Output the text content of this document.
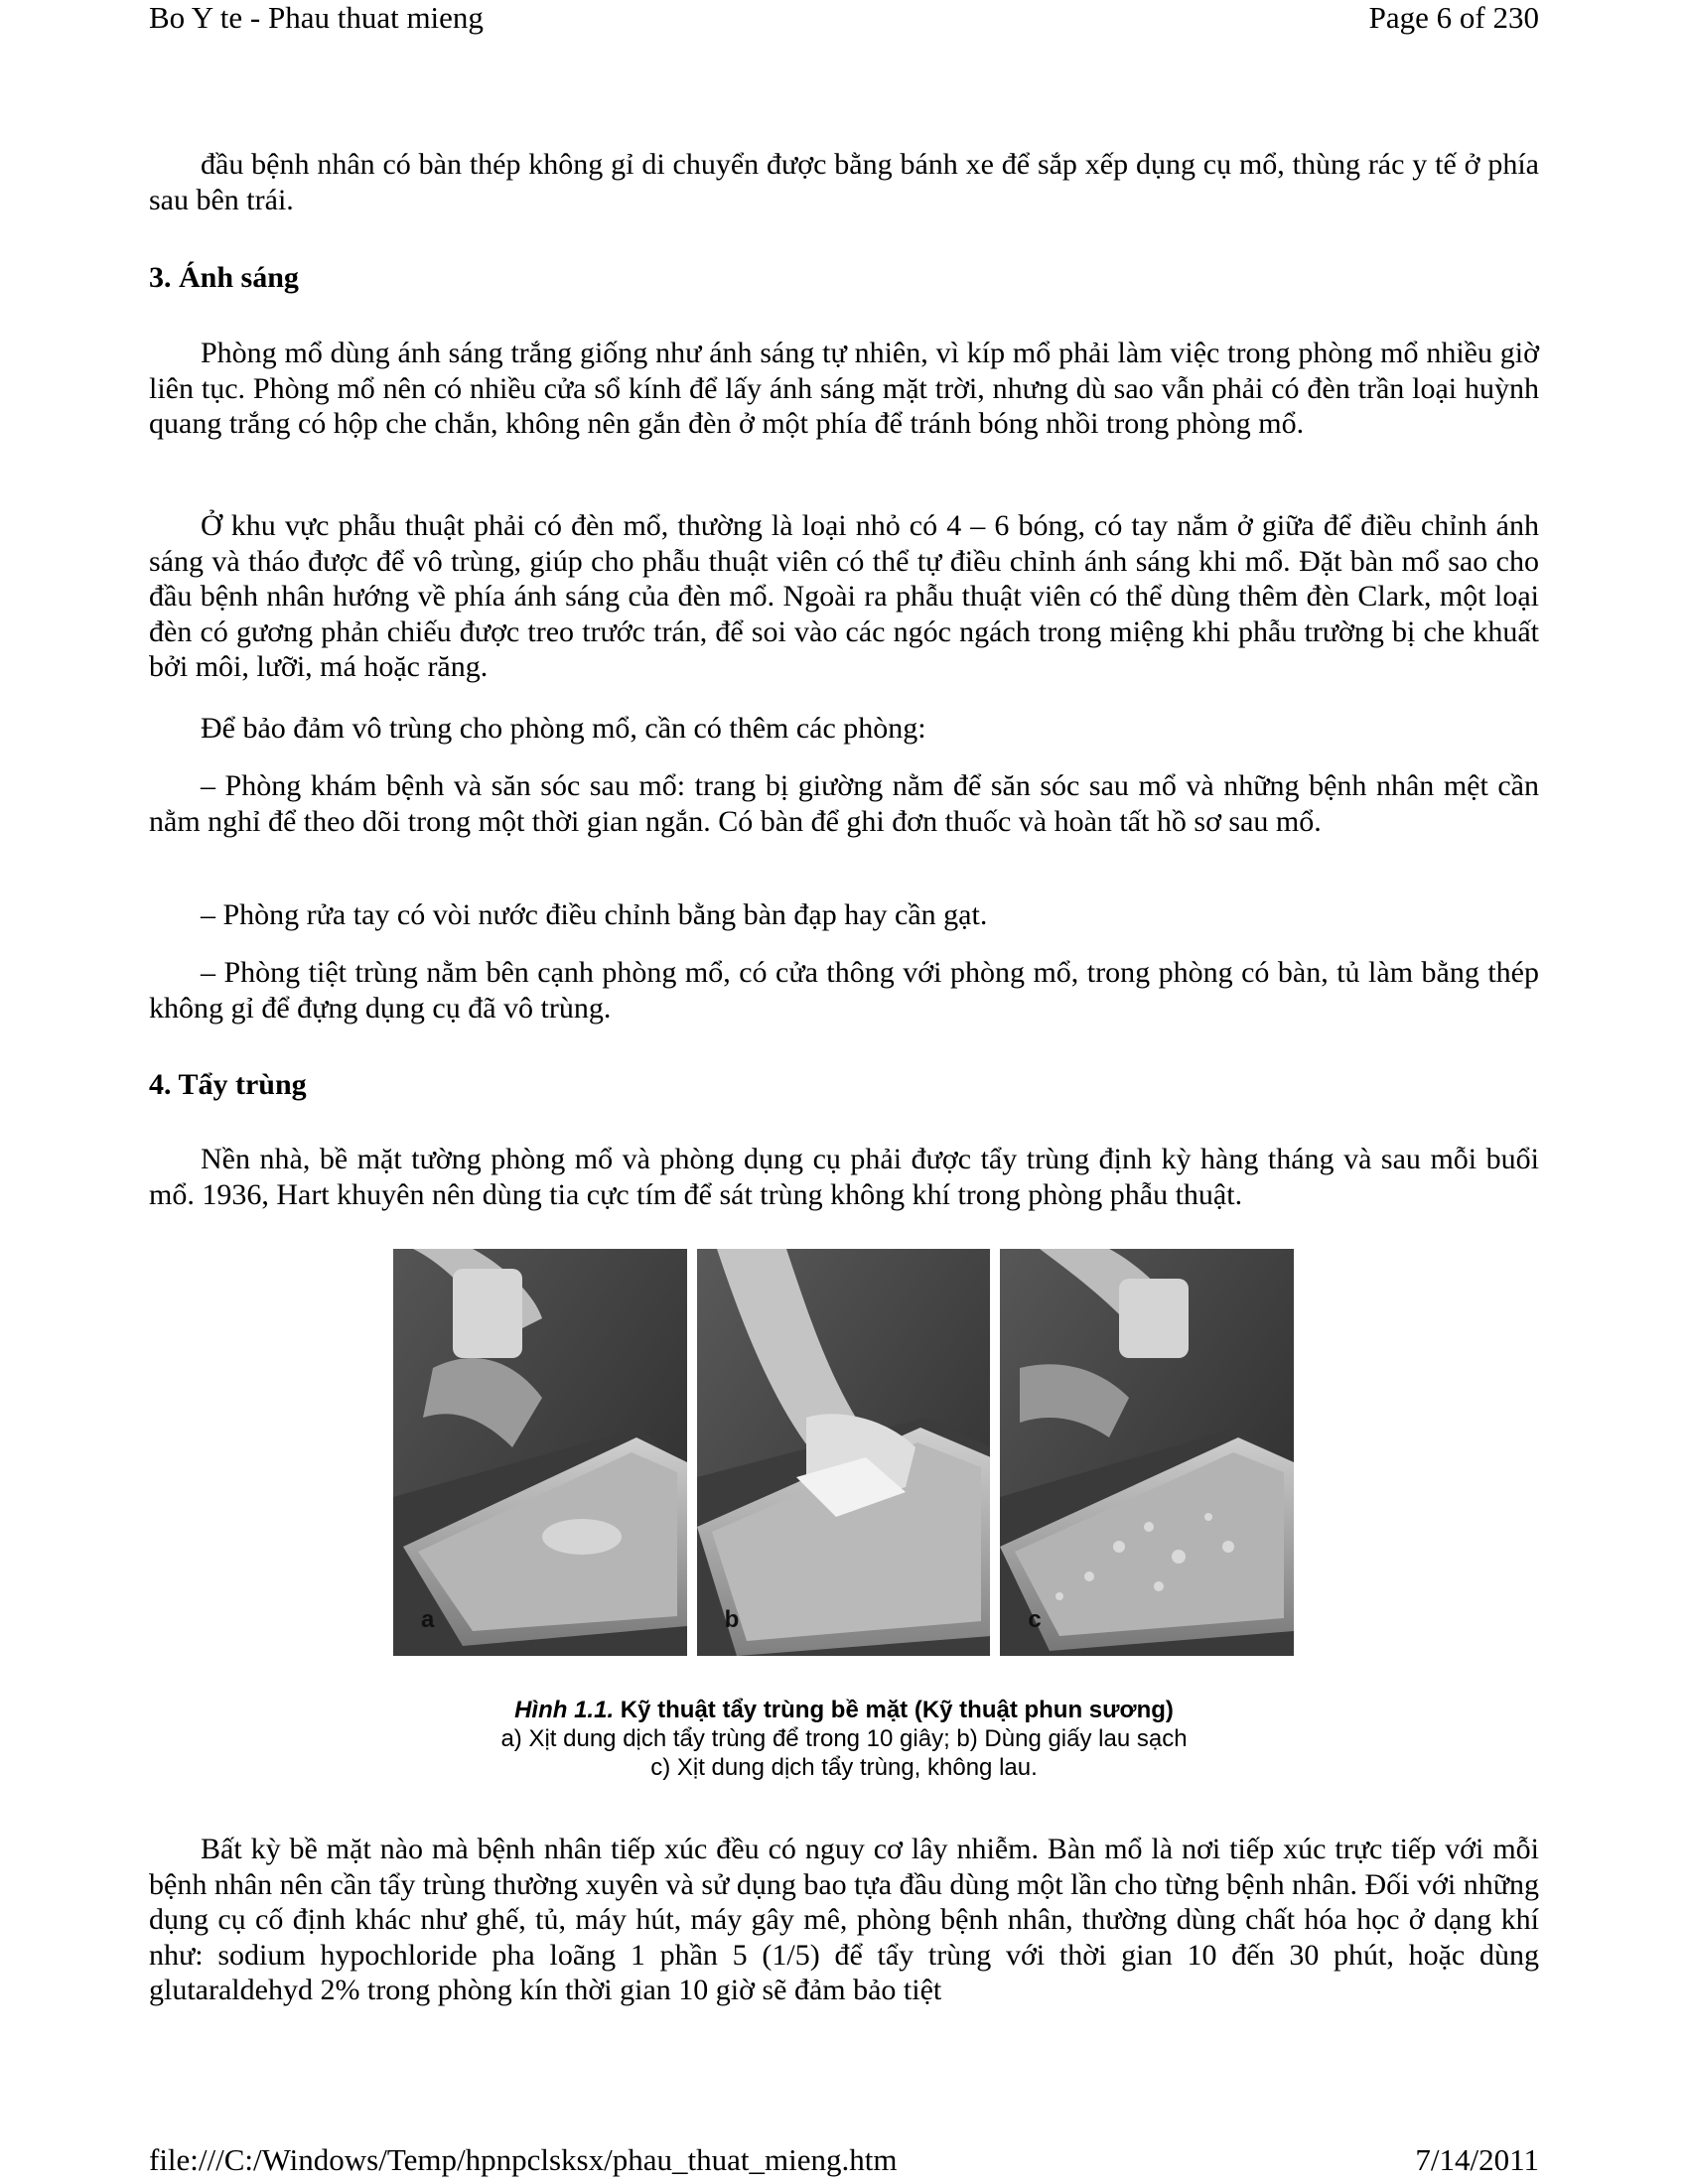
Bo Y te - Phau thuat mieng	Page 6 of 230

đầu bệnh nhân có bàn thép không gỉ di chuyển được bằng bánh xe để sắp xếp dụng cụ mổ, thùng rác y tế ở phía sau bên trái.

3. Ánh sáng

Phòng mổ dùng ánh sáng trắng giống như ánh sáng tự nhiên, vì kíp mổ phải làm việc trong phòng mổ nhiều giờ liên tục. Phòng mổ nên có nhiều cửa sổ kính để lấy ánh sáng mặt trời, nhưng dù sao vẫn phải có đèn trần loại huỳnh quang trắng có hộp che chắn, không nên gắn đèn ở một phía để tránh bóng nhồi trong phòng mổ.

Ở khu vực phẫu thuật phải có đèn mổ, thường là loại nhỏ có 4 – 6 bóng, có tay nắm ở giữa để điều chỉnh ánh sáng và tháo được để vô trùng, giúp cho phẫu thuật viên có thể tự điều chỉnh ánh sáng khi mổ. Đặt bàn mổ sao cho đầu bệnh nhân hướng về phía ánh sáng của đèn mổ. Ngoài ra phẫu thuật viên có thể dùng thêm đèn Clark, một loại đèn có gương phản chiếu được treo trước trán, để soi vào các ngóc ngách trong miệng khi phẫu trường bị che khuất bởi môi, lưỡi, má hoặc răng.

Để bảo đảm vô trùng cho phòng mổ, cần có thêm các phòng:

– Phòng khám bệnh và săn sóc sau mổ: trang bị giường nằm để săn sóc sau mổ và những bệnh nhân mệt cần nằm nghỉ để theo dõi trong một thời gian ngắn. Có bàn để ghi đơn thuốc và hoàn tất hồ sơ sau mổ.

– Phòng rửa tay có vòi nước điều chỉnh bằng bàn đạp hay cần gạt.

– Phòng tiệt trùng nằm bên cạnh phòng mổ, có cửa thông với phòng mổ, trong phòng có bàn, tủ làm bằng thép không gỉ để đựng dụng cụ đã vô trùng.

4. Tẩy trùng

Nền nhà, bề mặt tường phòng mổ và phòng dụng cụ phải được tẩy trùng định kỳ hàng tháng và sau mỗi buổi mổ. 1936, Hart khuyên nên dùng tia cực tím để sát trùng không khí trong phòng phẫu thuật.

Bất kỳ bề mặt nào mà bệnh nhân tiếp xúc đều có nguy cơ lây nhiễm. Bàn mổ là nơi tiếp xúc trực tiếp với mỗi bệnh nhân nên cần tẩy trùng thường xuyên và sử dụng bao tựa đầu dùng một lần cho từng bệnh nhân. Đối với những dụng cụ cố định khác như ghế, tủ, máy hút, máy gây mê, phòng bệnh nhân, thường dùng chất hóa học ở dạng khí như: sodium hypochloride pha loãng 1 phần 5 (1/5) để tẩy trùng với thời gian 10 đến 30 phút, hoặc dùng glutaraldehyd 2% trong phòng kín thời gian 10 giờ sẽ đảm bảo tiệt

a	b	c
Hình 1.1. Kỹ thuật tẩy trùng bề mặt (Kỹ thuật phun sương)
a) Xịt dung dịch tẩy trùng để trong 10 giây; b) Dùng giấy lau sạch
c) Xịt dung dịch tẩy trùng, không lau.
file:///C:/Windows/Temp/hpnpclsksx/phau_thuat_mieng.htm	7/14/2011
